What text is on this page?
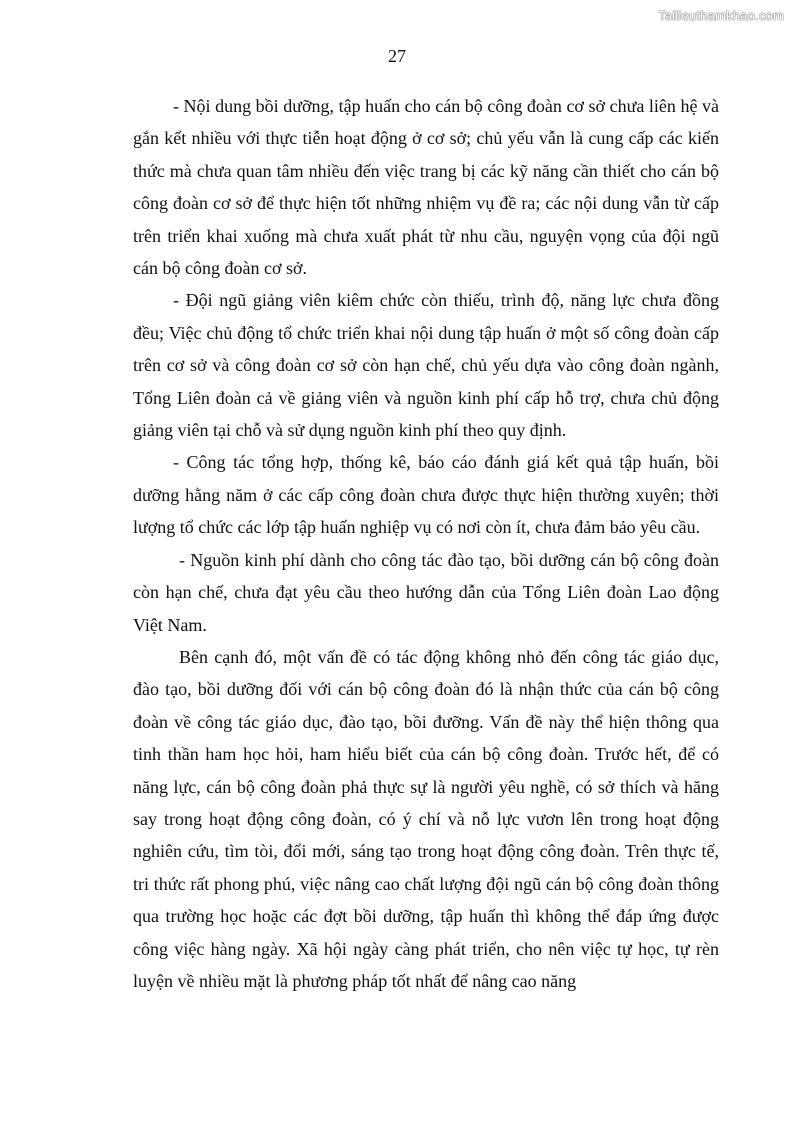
Tailieuthamkhao.com
27

- Nội dung bồi dưỡng, tập huấn cho cán bộ công đoàn cơ sở chưa liên hệ và gắn kết nhiều với thực tiễn hoạt động ở cơ sở; chủ yếu vẫn là cung cấp các kiến thức mà chưa quan tâm nhiều đến việc trang bị các kỹ năng cần thiết cho cán bộ công đoàn cơ sở để thực hiện tốt những nhiệm vụ đề ra; các nội dung vẫn từ cấp trên triển khai xuống mà chưa xuất phát từ nhu cầu, nguyện vọng của đội ngũ cán bộ công đoàn cơ sở.

- Đội ngũ giảng viên kiêm chức còn thiếu, trình độ, năng lực chưa đồng đều; Việc chủ động tổ chức triển khai nội dung tập huấn ở một số công đoàn cấp trên cơ sở và công đoàn cơ sở còn hạn chế, chủ yếu dựa vào công đoàn ngành, Tổng Liên đoàn cả về giảng viên và nguồn kinh phí cấp hỗ trợ, chưa chủ động giảng viên tại chỗ và sử dụng nguồn kinh phí theo quy định.

- Công tác tổng hợp, thống kê, báo cáo đánh giá kết quả tập huấn, bồi dưỡng hằng năm ở các cấp công đoàn chưa được thực hiện thường xuyên; thời lượng tổ chức các lớp tập huấn nghiệp vụ có nơi còn ít, chưa đảm bảo yêu cầu.

- Nguồn kinh phí dành cho công tác đào tạo, bồi dưỡng cán bộ công đoàn còn hạn chế, chưa đạt yêu cầu theo hướng dẫn của Tổng Liên đoàn Lao động Việt Nam.

Bên cạnh đó, một vấn đề có tác động không nhỏ đến công tác giáo dục, đào tạo, bồi dưỡng đối với cán bộ công đoàn đó là nhận thức của cán bộ công đoàn về công tác giáo dục, đào tạo, bồi đưỡng. Vấn đề này thể hiện thông qua tinh thần ham học hỏi, ham hiểu biết của cán bộ công đoàn. Trước hết, để có năng lực, cán bộ công đoàn phả thực sự là người yêu nghề, có sở thích và hăng say trong hoạt động công đoàn, có ý chí và nỗ lực vươn lên trong hoạt động nghiên cứu, tìm tòi, đổi mới, sáng tạo trong hoạt động công đoàn. Trên thực tế, tri thức rất phong phú, việc nâng cao chất lượng đội ngũ cán bộ công đoàn thông qua trường học hoặc các đợt bồi dưỡng, tập huấn thì không thể đáp ứng được công việc hàng ngày. Xã hội ngày càng phát triển, cho nên việc tự học, tự rèn luyện về nhiều mặt là phương pháp tốt nhất để nâng cao năng
